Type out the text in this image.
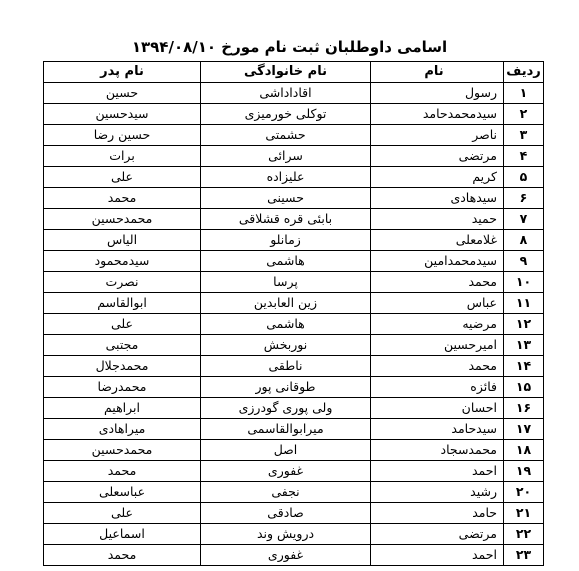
اسامی داوطلبان ثبت نام مورخ ۱۳۹۴/۰۸/۱۰
ردیف	نام	نام خانوادگی	نام پدر
۱	رسول	اقاداداشی	حسین
۲	سیدمحمدحامد	توکلی خورمیزی	سیدحسین
۳	ناصر	حشمتی	حسین رضا
۴	مرتضی	سرائی	برات
۵	کریم	علیزاده	علی
۶	سیدهادی	حسینی	محمد
۷	حمید	بابئی قره قشلاقی	محمدحسین
۸	غلامعلی	زمانلو	الیاس
۹	سیدمحمدامین	هاشمی	سیدمحمود
۱۰	محمد	پرسا	نصرت
۱۱	عباس	زین العابدین	ابوالقاسم
۱۲	مرضیه	هاشمی	علی
۱۳	امیرحسین	نوربخش	مجتبی
۱۴	محمد	ناطقی	محمدجلال
۱۵	فائزه	طوقانی پور	محمدرضا
۱۶	احسان	ولی پوری گودرزی	ابراهیم
۱۷	سیدحامد	میرابوالقاسمی	میراهادی
۱۸	محمدسجاد	اصل	محمدحسین
۱۹	احمد	غفوری	محمد
۲۰	رشید	نجفی	عباسعلی
۲۱	حامد	صادقی	علی
۲۲	مرتضی	درویش وند	اسماعیل
۲۳	احمد	غفوری	محمد
